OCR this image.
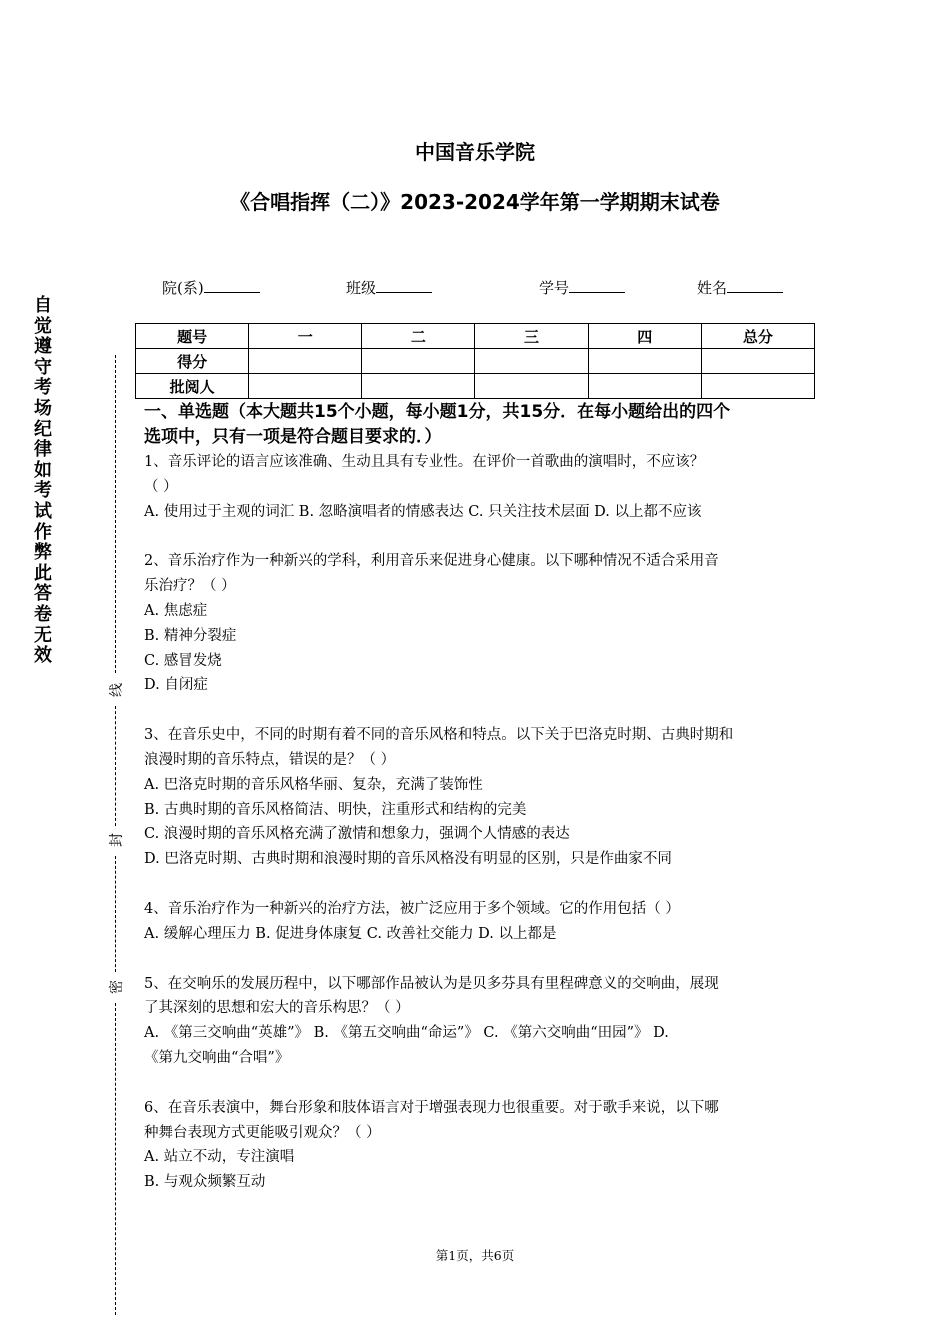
中国音乐学院
《合唱指挥（二）》2023-2024学年第一学期期末试卷
院(系)	班级	学号	姓名
题号	一	二	三	四	总分
得分					
批阅人					
自觉遵守考场纪律如考试作弊此答卷无效
线
封
密

一、单选题（本大题共15个小题，每小题1分，共15分．在每小题给出的四个

选项中，只有一项是符合题目要求的．）

1、音乐评论的语言应该准确、生动且具有专业性。在评价一首歌曲的演唱时，不应该？

（ ）

A. 使用过于主观的词汇 B. 忽略演唱者的情感表达 C. 只关注技术层面 D. 以上都不应该

2、音乐治疗作为一种新兴的学科，利用音乐来促进身心健康。以下哪种情况不适合采用音

乐治疗？（ ）

A. 焦虑症

B. 精神分裂症

C. 感冒发烧

D. 自闭症

3、在音乐史中，不同的时期有着不同的音乐风格和特点。以下关于巴洛克时期、古典时期和

浪漫时期的音乐特点，错误的是？（ ）

A. 巴洛克时期的音乐风格华丽、复杂，充满了装饰性

B. 古典时期的音乐风格简洁、明快，注重形式和结构的完美

C. 浪漫时期的音乐风格充满了激情和想象力，强调个人情感的表达

D. 巴洛克时期、古典时期和浪漫时期的音乐风格没有明显的区别，只是作曲家不同

4、音乐治疗作为一种新兴的治疗方法，被广泛应用于多个领域。它的作用包括（ ）

A. 缓解心理压力 B. 促进身体康复 C. 改善社交能力 D. 以上都是

5、在交响乐的发展历程中，以下哪部作品被认为是贝多芬具有里程碑意义的交响曲，展现

了其深刻的思想和宏大的音乐构思？（ ）

A. 《第三交响曲“英雄”》 B. 《第五交响曲“命运”》 C. 《第六交响曲“田园”》 D.

《第九交响曲“合唱”》

6、在音乐表演中，舞台形象和肢体语言对于增强表现力也很重要。对于歌手来说，以下哪

种舞台表现方式更能吸引观众？（ ）

A. 站立不动，专注演唱

B. 与观众频繁互动

第1页，共6页
